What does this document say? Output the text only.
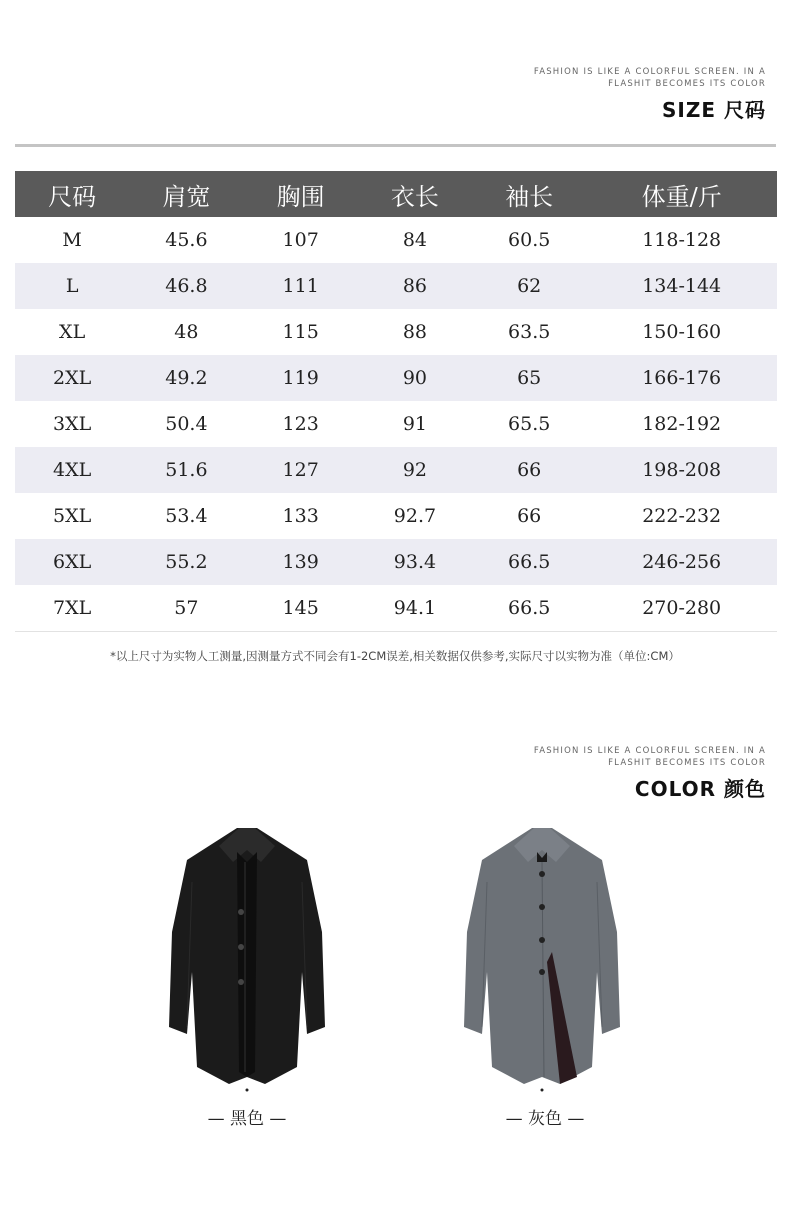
FASHION IS LIKE A COLORFUL SCREEN. IN A
FLASHIT BECOMES ITS COLOR
SIZE 尺码
尺码	肩宽	胸围	衣长	袖长	体重/斤
M	45.6	107	84	60.5	118-128
L	46.8	111	86	62	134-144
XL	48	115	88	63.5	150-160
2XL	49.2	119	90	65	166-176
3XL	50.4	123	91	65.5	182-192
4XL	51.6	127	92	66	198-208
5XL	53.4	133	92.7	66	222-232
6XL	55.2	139	93.4	66.5	246-256
7XL	57	145	94.1	66.5	270-280
*以上尺寸为实物人工测量,因测量方式不同会有1-2CM误差,相关数据仅供参考,实际尺寸以实物为准（单位:CM）
FASHION IS LIKE A COLORFUL SCREEN. IN A
FLASHIT BECOMES ITS COLOR
COLOR 颜色
— 黑色 —	— 灰色 —
